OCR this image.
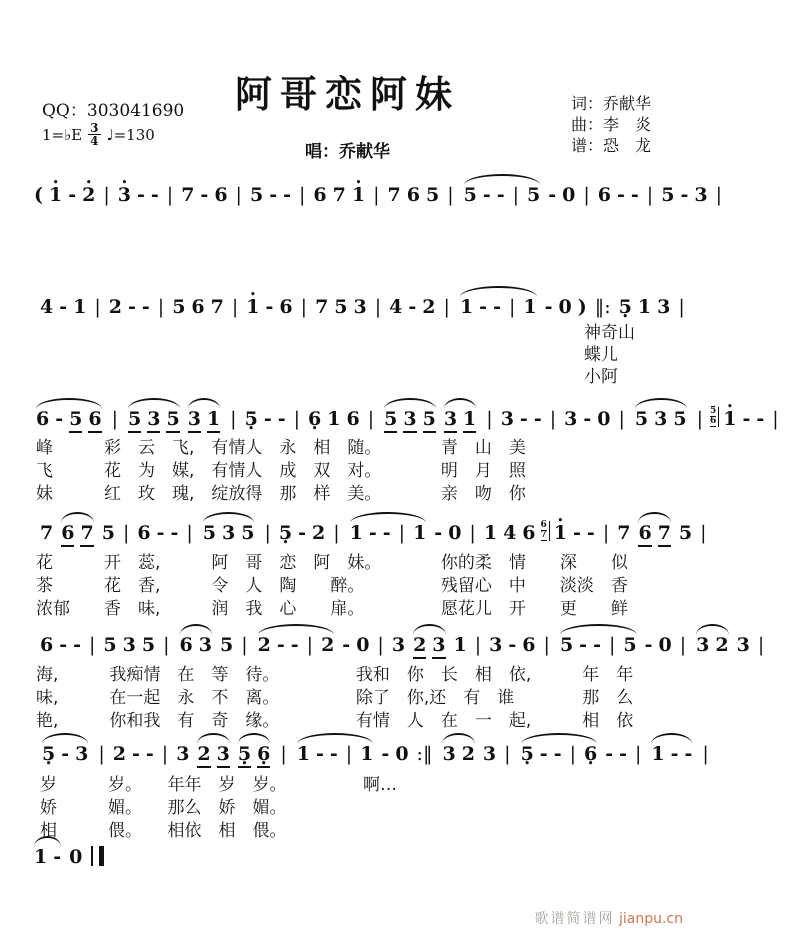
QQ：303041690
1=♭E $\frac{3}{4}$ ♩=130
阿哥恋阿妹
唱：乔献华
词：乔献华
曲：李　炎
谱：恐　龙
( • 1 - • 2 | • 3 - - | 7 - 6 | 5 - - | 6 7 • 1 | 7 6 5 | 5 - - | 5 - 0 | 6 - - | 5 - 3 |
4 - 1 | 2 - - | 5 6 7 | • 1 - 6 | 7 5 3 | 4 - 2 | 1 - - | 1 - 0 ) ‖: 5 • 1 3 |
6 - 5 6 | 5 3 5 3 1 | 5 • - - | 6 • 1 6 | 5 3 5 3 1 | 3 - - | 3 - 0 | 5 3 5 | $\frac{5}{6}$ • 1 - - |
7 6 7 5 | 6 - - | 5 3 5 | 5 • - 2 | 1 - - | 1 - 0 | 1 4 $6 \frac{6}{7}$ • 1 - - | 7 6 7 5 |
6 - - | 5 3 5 | 6 3 5 | 2 - - | 2 - 0 | 3 2 3 1 | 3 - 6 | 5 - - | 5 - 0 | 3 2 3 |
5 • - 3 | 2 - - | 3 2 3 5 • 6 • | 1 - - | 1 - 0 :‖ 3 2 3 | 5 • - - | 6 • - - | 1 - - |
1 - 0
神奇山
蝶儿
小阿
峰　　　彩　云　飞,　有情人　永　相　随。　　　　青　山　美
飞　　　花　为　媒,　有情人　成　双　对。　　　　明　月　照
妹　　　红　玫　瑰,　绽放得　那　样　美。　　　　亲　吻　你
花　　　开　蕊,　　　阿　哥　恋　阿　妹。　　　　你的柔　情　　深　　似
茶　　　花　香,　　　令　人　陶　　醉。　　　　　残留心　中　　淡淡　香
浓郁　　香　味,　　　润　我　心　　扉。　　　　　愿花儿　开　　更　　鲜
海,　　　我痴情　在　等　待。　　　　　我和　你　长　相　依,　　　年　年
味,　　　在一起　永　不　离。　　　　　除了　你,还　有　谁　　　　那　么
艳,　　　你和我　有　奇　缘。　　　　　有情　人　在　一　起,　　　相　依
岁　　　岁。　　年年　岁　岁。　　　　　啊…
娇　　　媚。　　那么　娇　媚。
相　　　偎。　　相依　相　偎。
歌谱简谱网 jianpu.cn
